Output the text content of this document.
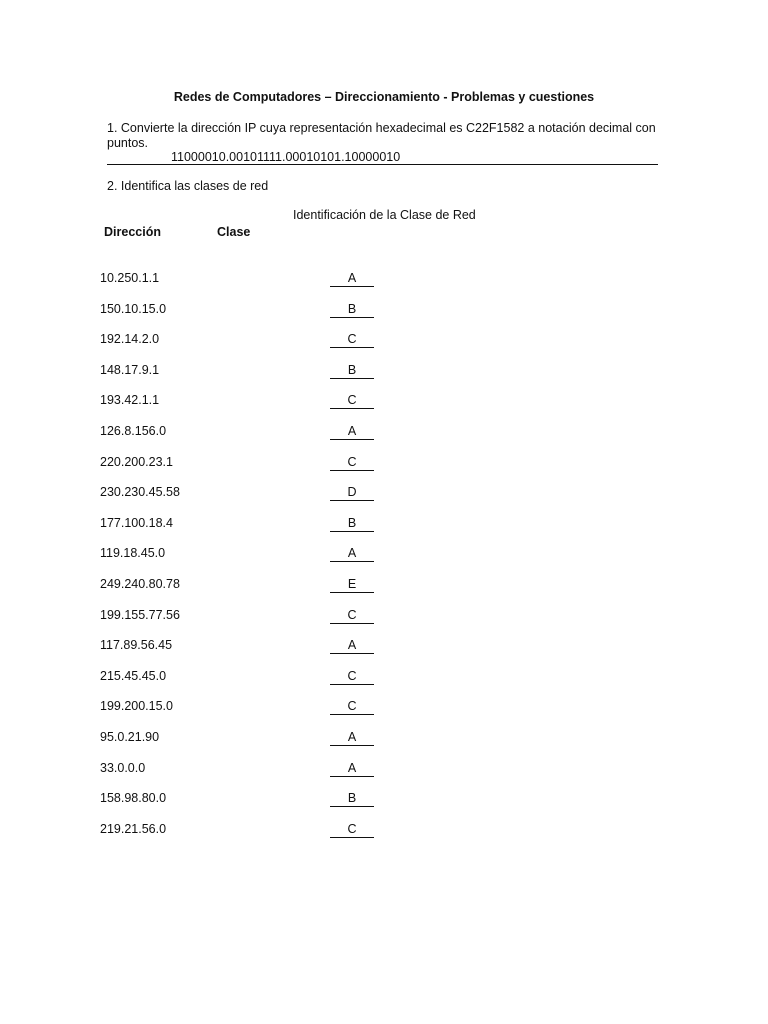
Redes de Computadores – Direccionamiento - Problemas y cuestiones
1. Convierte la dirección IP cuya representación hexadecimal es C22F1582 a notación decimal con puntos.
11000010.00101111.00010101.10000010
2. Identifica las clases de red
Identificación de la Clase de Red
Dirección	Clase
10.250.1.1	A
150.10.15.0	B
192.14.2.0	C
148.17.9.1	B
193.42.1.1	C
126.8.156.0	A
220.200.23.1	C
230.230.45.58	D
177.100.18.4	B
119.18.45.0	A
249.240.80.78	E
199.155.77.56	C
117.89.56.45	A
215.45.45.0	C
199.200.15.0	C
95.0.21.90	A
33.0.0.0	A
158.98.80.0	B
219.21.56.0	C
